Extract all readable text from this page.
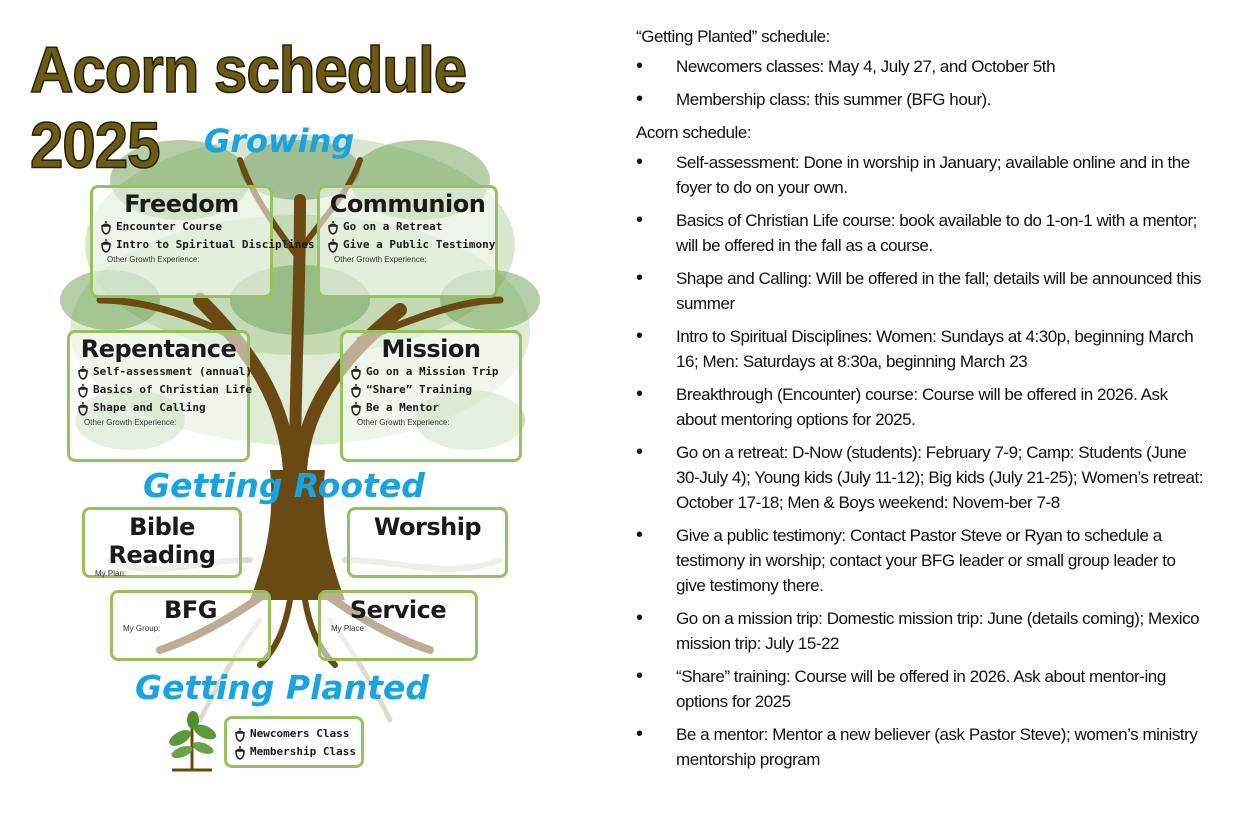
Acorn schedule 2025	Growing
Getting Rooted
Getting Planted
Freedom
Encounter Course
Intro to Spiritual Disciplines
Other Growth Experience:
Communion
Go on a Retreat
Give a Public Testimony
Other Growth Experience:
Repentance
Self-assessment (annual)
Basics of Christian Life
Shape and Calling
Other Growth Experience:
Mission
Go on a Mission Trip
“Share” Training
Be a Mentor
Other Growth Experience:
Bible Reading
My Plan:
Worship
BFG
My Group:
Service
My Place:
Newcomers Class
Membership Class
“Getting Planted” schedule:
• Newcomers classes: May 4, July 27, and October 5th
• Membership class: this summer (BFG hour).
Acorn schedule:
• Self-assessment: Done in worship in January; available online and in the foyer to do on your own.
• Basics of Christian Life course: book available to do 1-on-1 with a mentor; will be offered in the fall as a course.
• Shape and Calling: Will be offered in the fall; details will be announced this summer
• Intro to Spiritual Disciplines: Women: Sundays at 4:30p, beginning March 16; Men: Saturdays at 8:30a, beginning March 23
• Breakthrough (Encounter) course: Course will be offered in 2026. Ask about mentoring options for 2025.
• Go on a retreat: D-Now (students): February 7-9; Camp: Students (June 30-July 4); Young kids (July 11-12); Big kids (July 21-25); Women’s retreat: October 17-18; Men & Boys weekend: Novem-ber 7-8
• Give a public testimony: Contact Pastor Steve or Ryan to schedule a testimony in worship; contact your BFG leader or small group leader to give testimony there.
• Go on a mission trip: Domestic mission trip: June (details coming); Mexico mission trip: July 15-22
• “Share” training: Course will be offered in 2026. Ask about mentor-ing options for 2025
• Be a mentor: Mentor a new believer (ask Pastor Steve); women’s ministry mentorship program
